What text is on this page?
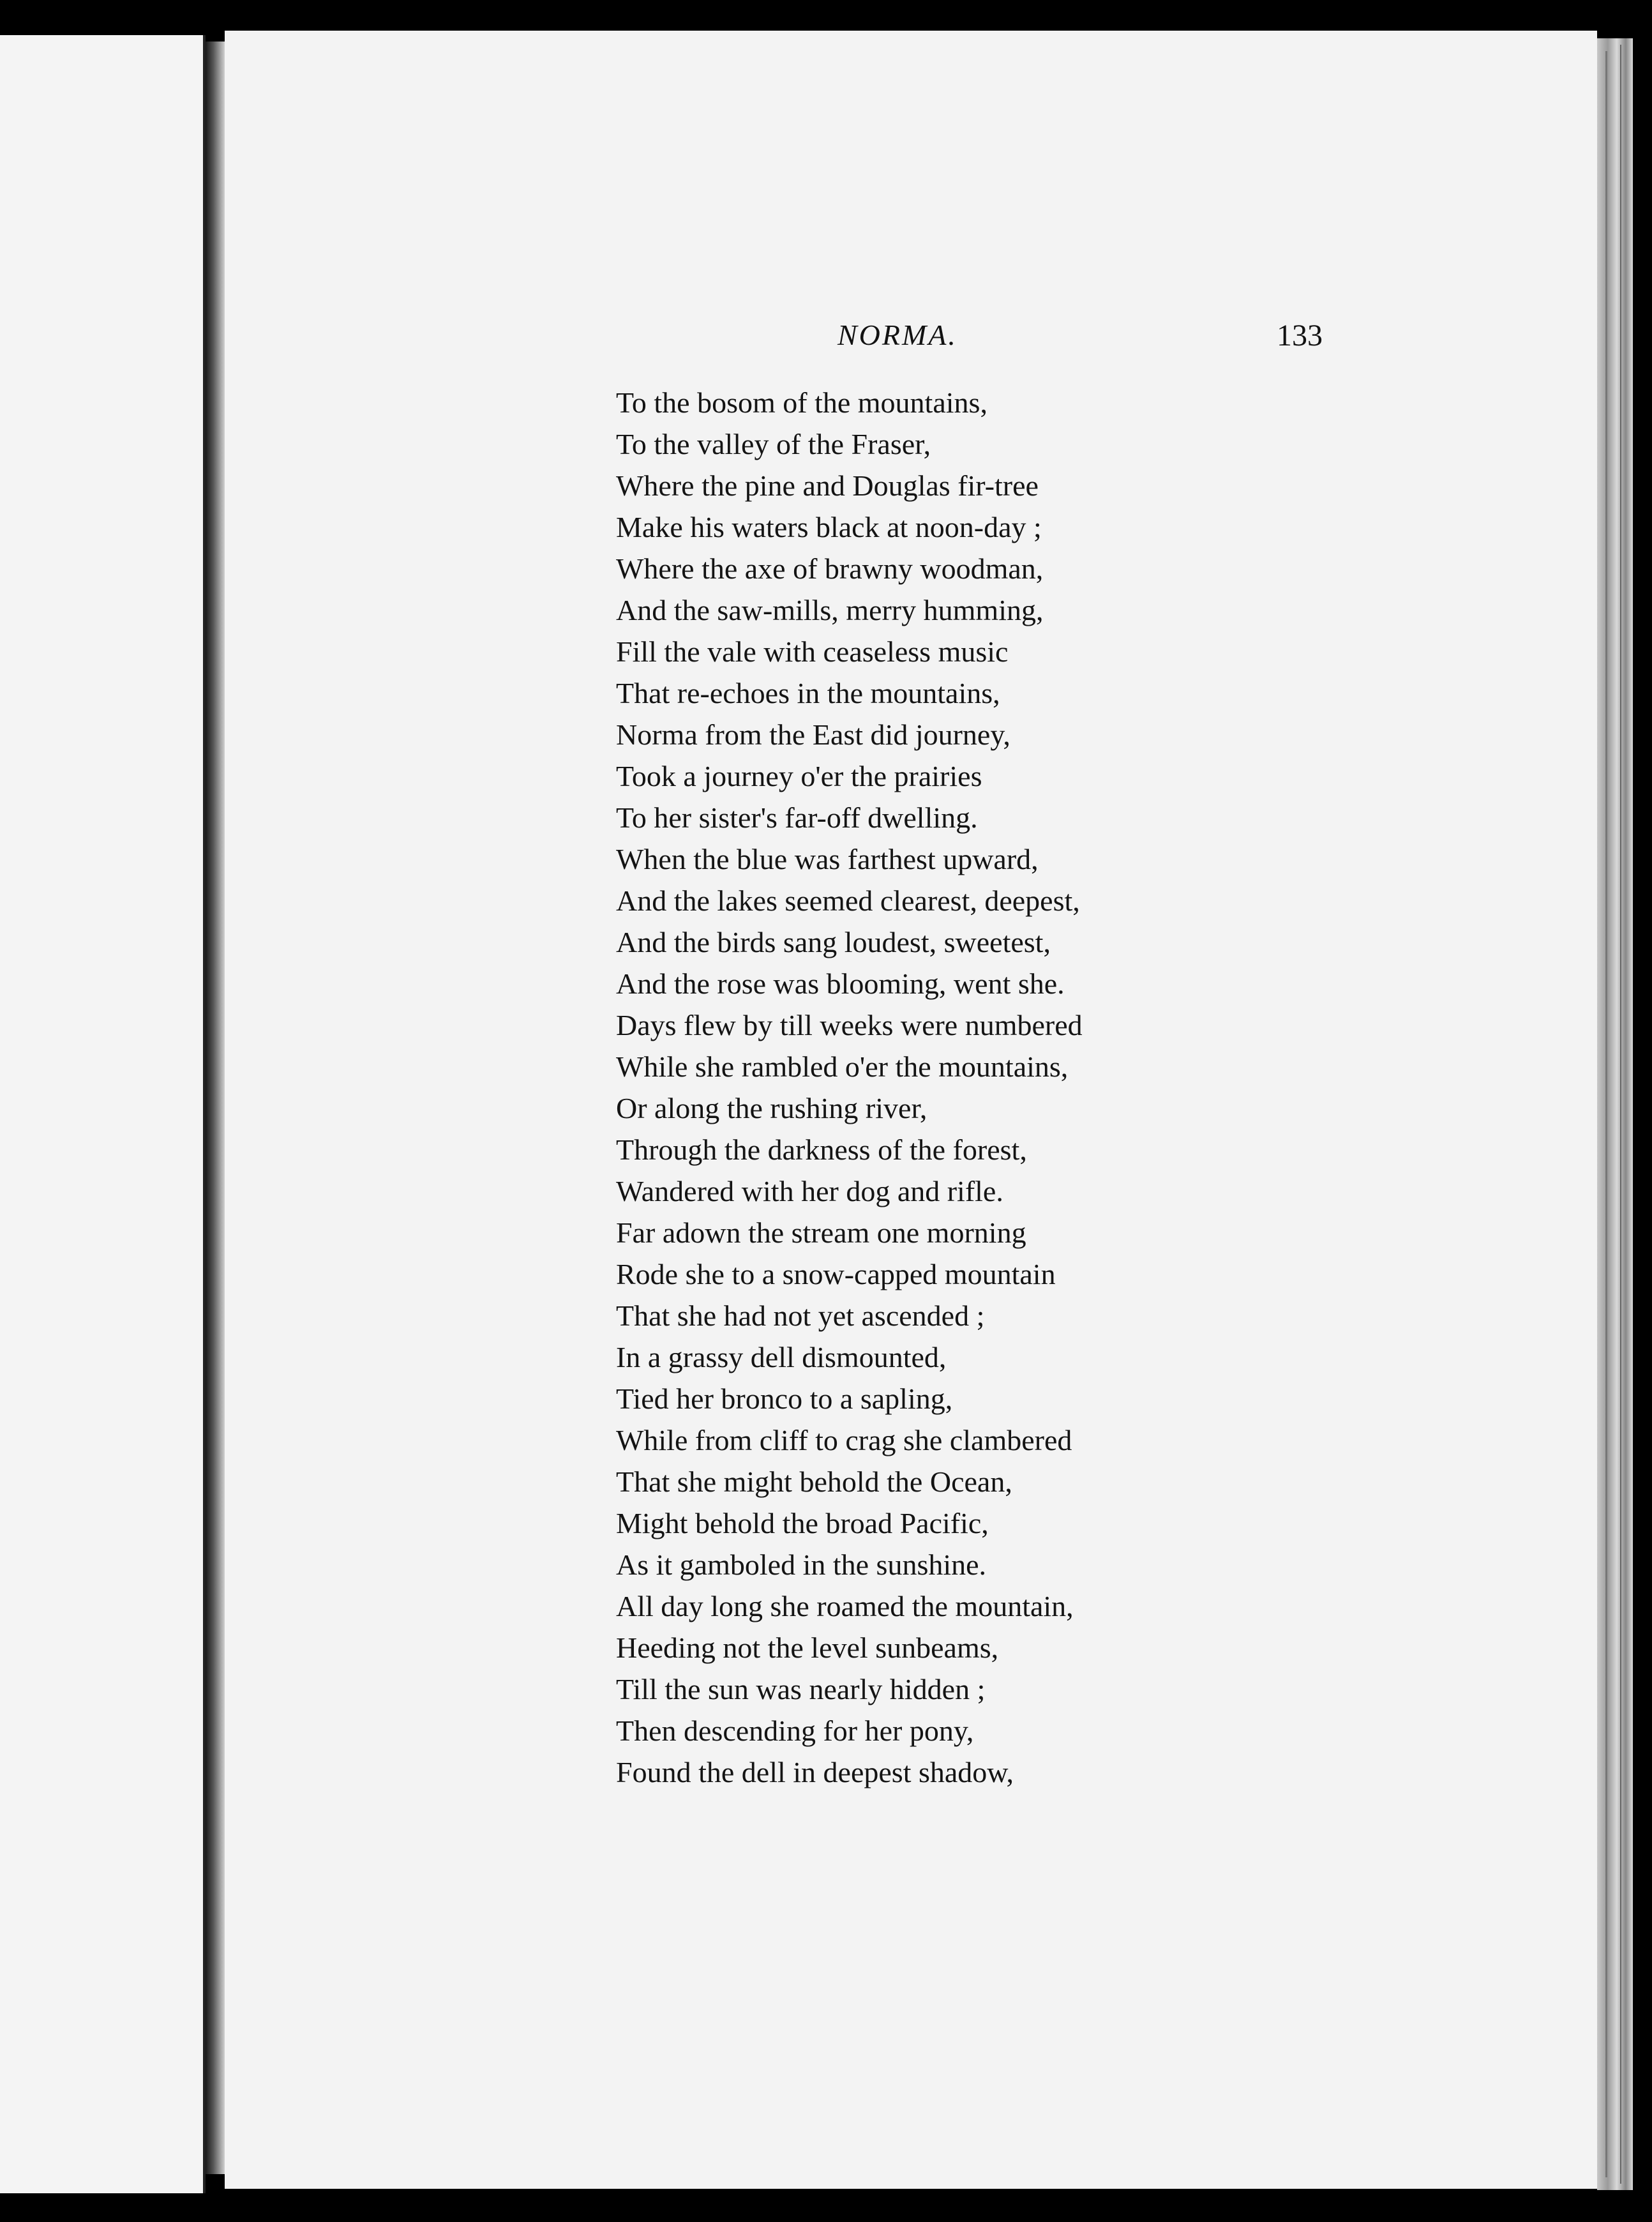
NORMA.	133
To the bosom of the mountains,
To the valley of the Fraser,
Where the pine and Douglas fir-tree
Make his waters black at noon-day ;
Where the axe of brawny woodman,
And the saw-mills, merry humming,
Fill the vale with ceaseless music
That re-echoes in the mountains,
Norma from the East did journey,
Took a journey o'er the prairies
To her sister's far-off dwelling.
When the blue was farthest upward,
And the lakes seemed clearest, deepest,
And the birds sang loudest, sweetest,
And the rose was blooming, went she.
Days flew by till weeks were numbered
While she rambled o'er the mountains,
Or along the rushing river,
Through the darkness of the forest,
Wandered with her dog and rifle.
Far adown the stream one morning
Rode she to a snow-capped mountain
That she had not yet ascended ;
In a grassy dell dismounted,
Tied her bronco to a sapling,
While from cliff to crag she clambered
That she might behold the Ocean,
Might behold the broad Pacific,
As it gamboled in the sunshine.
All day long she roamed the mountain,
Heeding not the level sunbeams,
Till the sun was nearly hidden ;
Then descending for her pony,
Found the dell in deepest shadow,
